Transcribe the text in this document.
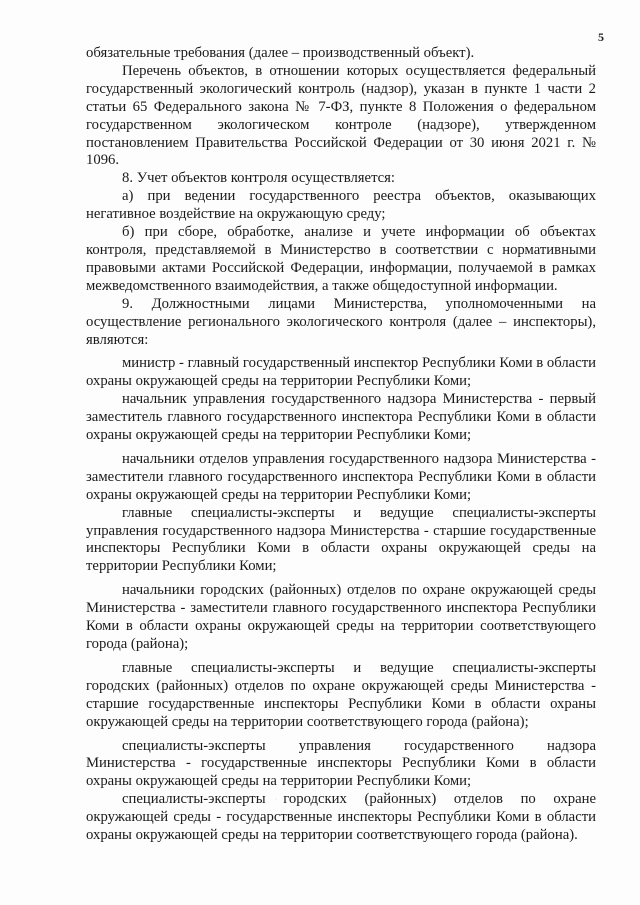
5

обязательные требования (далее – производственный объект).

Перечень объектов, в отношении которых осуществляется федеральный государственный экологический контроль (надзор), указан в пункте 1 части 2 статьи 65 Федерального закона № 7-ФЗ, пункте 8 Положения о федеральном государственном экологическом контроле (надзоре), утвержденном постановлением Правительства Российской Федерации от 30 июня 2021 г. № 1096.

8. Учет объектов контроля осуществляется:

а) при ведении государственного реестра объектов, оказывающих негативное воздействие на окружающую среду;

б) при сборе, обработке, анализе и учете информации об объектах контроля, представляемой в Министерство в соответствии с нормативными правовыми актами Российской Федерации, информации, получаемой в рамках межведомственного взаимодействия, а также общедоступной информации.

9. Должностными лицами Министерства, уполномоченными на осуществление регионального экологического контроля (далее – инспекторы), являются:

министр - главный государственный инспектор Республики Коми в области охраны окружающей среды на территории Республики Коми;

начальник управления государственного надзора Министерства - первый заместитель главного государственного инспектора Республики Коми в области охраны окружающей среды на территории Республики Коми;

начальники отделов управления государственного надзора Министерства - заместители главного государственного инспектора Республики Коми в области охраны окружающей среды на территории Республики Коми;

главные специалисты-эксперты и ведущие специалисты-эксперты управления государственного надзора Министерства - старшие государственные инспекторы Республики Коми в области охраны окружающей среды на территории Республики Коми;

начальники городских (районных) отделов по охране окружающей среды Министерства - заместители главного государственного инспектора Республики Коми в области охраны окружающей среды на территории соответствующего города (района);

главные специалисты-эксперты и ведущие специалисты-эксперты городских (районных) отделов по охране окружающей среды Министерства - старшие государственные инспекторы Республики Коми в области охраны окружающей среды на территории соответствующего города (района);

специалисты-эксперты управления государственного надзора Министерства - государственные инспекторы Республики Коми в области охраны окружающей среды на территории Республики Коми;

специалисты-эксперты городских (районных) отделов по охране окружающей среды - государственные инспекторы Республики Коми в области охраны окружающей среды на территории соответствующего города (района).
